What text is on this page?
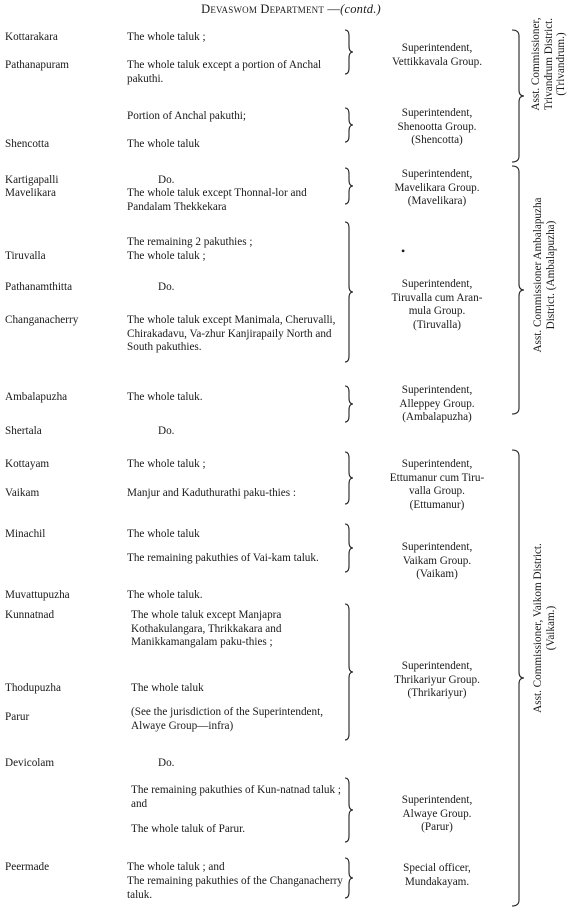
Devaswom Department —(contd.)
Kottarakara
Pathanapuram
Shencotta
Kartigapalli
Mavelikara
Tiruvalla
Pathanamthitta
Changanacherry
Ambalapuzha
Shertala
Kottayam
Vaikam
Minachil
Muvattupuzha
Kunnatnad
Thodupuzha
Parur
Devicolam
Peermade
The whole taluk ;
The whole taluk except a portion of Anchal pakuthi.
Portion of Anchal pakuthi;
The whole taluk
Do.
The whole taluk except Thonnal-lor and Pandalam Thekkekara
The remaining 2 pakuthies ;
The whole taluk ;
Do.
The whole taluk except Manimala, Cheruvalli, Chirakadavu, Va-zhur Kanjirapaily North and South pakuthies.
The whole taluk.
Do.
The whole taluk ;
Manjur and Kaduthurathi paku-thies :
The whole taluk
The remaining pakuthies of Vai-kam taluk.
The whole taluk.
The whole taluk except Manjapra Kothakulangara, Thrikkakara and Manikkamangalam paku-thies ;
The whole taluk
(See the jurisdiction of the Superintendent, Alwaye Group—infra)
Do.
The remaining pakuthies of Kun-natnad taluk ; and
The whole taluk of Parur.
The whole taluk ; and
The remaining pakuthies of the Changanacherry taluk.
Superintendent,
Vettikkavala Group.
Superintendent,
Shenootta Group.
(Shencotta)
Superintendent,
Mavelikara Group.
(Mavelikara)
Superintendent,
Tiruvalla cum Aran-
mula Group.
(Tiruvalla)
Superintendent,
Alleppey Group.
(Ambalapuzha)
Superintendent,
Ettumanur cum Tiru-
valla Group.
(Ettumanur)
Superintendent,
Vaikam Group.
(Vaikam)
Superintendent,
Thrikariyur Group.
(Thrikariyur)
Superintendent,
Alwaye Group.
(Parur)
Special officer,
Mundakayam.
Asst. Commissioner, Trivandrum District. (Trivandrum.)
Asst. Commissioner Ambalapuzha District. (Ambalapuzha)
Asst. Commissioner, Vaikom District. (Vaikam.)
•
